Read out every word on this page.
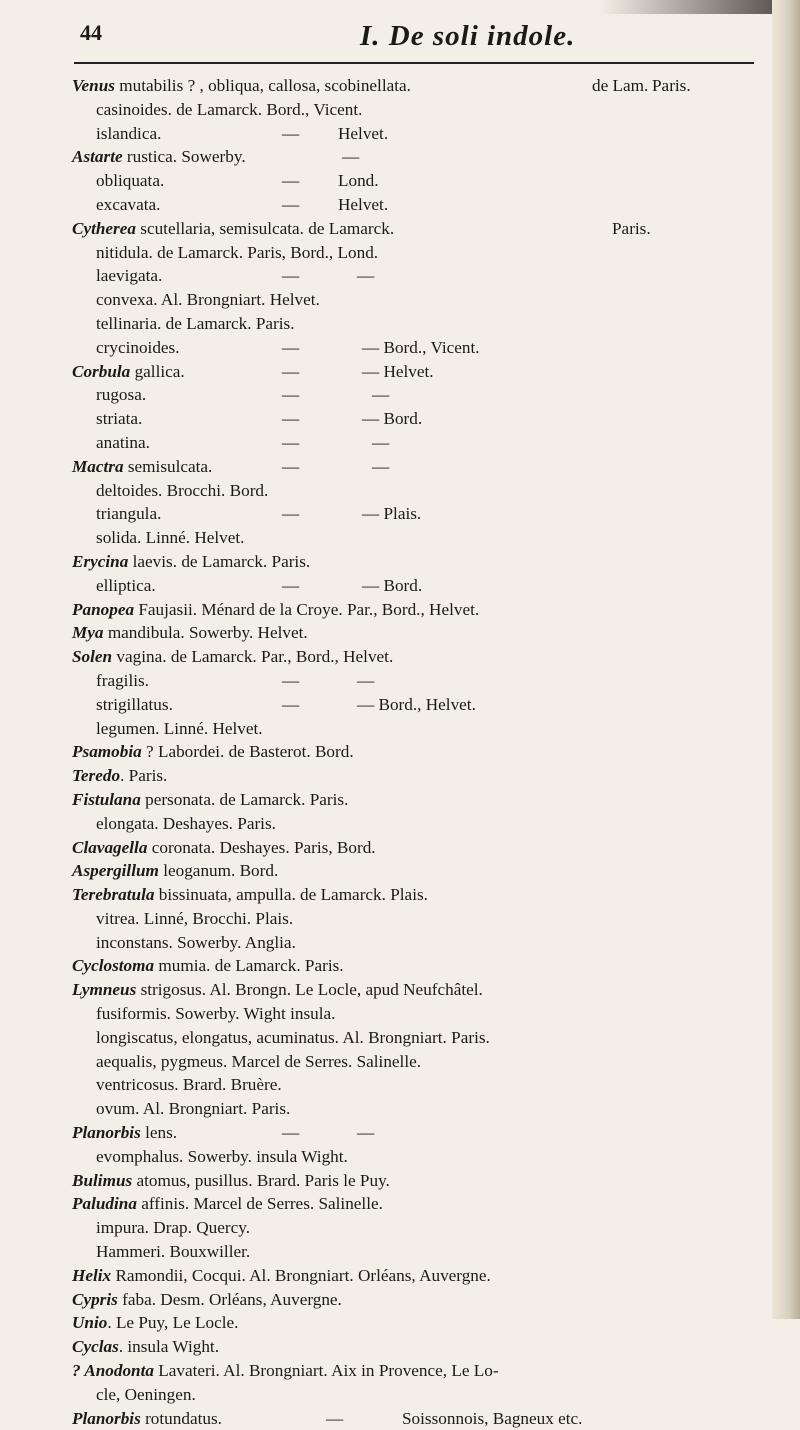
44	I. De soli indole.
Venus mutabilis ? , obliqua, callosa, scobinellata.	de Lam. Paris.
casinoides. de Lamarck. Bord., Vicent.
islandica.	— Helvet.
Astarte rustica. Sowerby.	—
obliquata.	— Lond.
excavata.	— Helvet.
Cytherea scutellaria, semisulcata. de Lamarck.	Paris.
nitidula. de Lamarck. Paris, Bord., Lond.
laevigata.	—	—
convexa. Al. Brongniart. Helvet.
tellinaria. de Lamarck. Paris.
crycinoides.	—	— Bord., Vicent.
Corbula gallica.	—	— Helvet.
rugosa.	—	—
striata.	—	— Bord.
anatina.	—	—
Mactra semisulcata.	—	—
deltoides. Brocchi. Bord.
triangula.	—	— Plais.
solida. Linné. Helvet.
Erycina laevis. de Lamarck. Paris.
elliptica.	—	— Bord.
Panopea Faujasii. Ménard de la Croye. Par., Bord., Helvet.
Mya mandibula. Sowerby. Helvet.
Solen vagina. de Lamarck. Par., Bord., Helvet.
fragilis.	—	—
strigillatus.	—	— Bord., Helvet.
legumen. Linné. Helvet.
Psamobia ? Labordei. de Basterot. Bord.
Teredo. Paris.
Fistulana personata. de Lamarck. Paris.
elongata. Deshayes. Paris.
Clavagella coronata. Deshayes. Paris, Bord.
Aspergillum leoganum. Bord.
Terebratula bissinuata, ampulla. de Lamarck. Plais.
vitrea. Linné, Brocchi. Plais.
inconstans. Sowerby. Anglia.
Cyclostoma mumia. de Lamarck. Paris.
Lymneus strigosus. Al. Brongn. Le Locle, apud Neufchâtel.
fusiformis. Sowerby. Wight insula.
longiscatus, elongatus, acuminatus. Al. Brongniart. Paris.
aequalis, pygmeus. Marcel de Serres. Salinelle.
ventricosus. Brard. Bruère.
ovum. Al. Brongniart. Paris.
Planorbis lens.	—	—
evomphalus. Sowerby. insula Wight.
Bulimus atomus, pusillus. Brard. Paris le Puy.
Paludina affinis. Marcel de Serres. Salinelle.
impura. Drap. Quercy.
Hammeri. Bouxwiller.
Helix Ramondii, Cocqui. Al. Brongniart. Orléans, Auvergne.
Cypris faba. Desm. Orléans, Auvergne.
Unio. Le Puy, Le Locle.
Cyclas. insula Wight.
? Anodonta Lavateri. Al. Brongniart. Aix in Provence, Le Lo-
cle, Oeningen.
Planorbis rotundatus.	—	Soissonnois, Bagneux etc.
